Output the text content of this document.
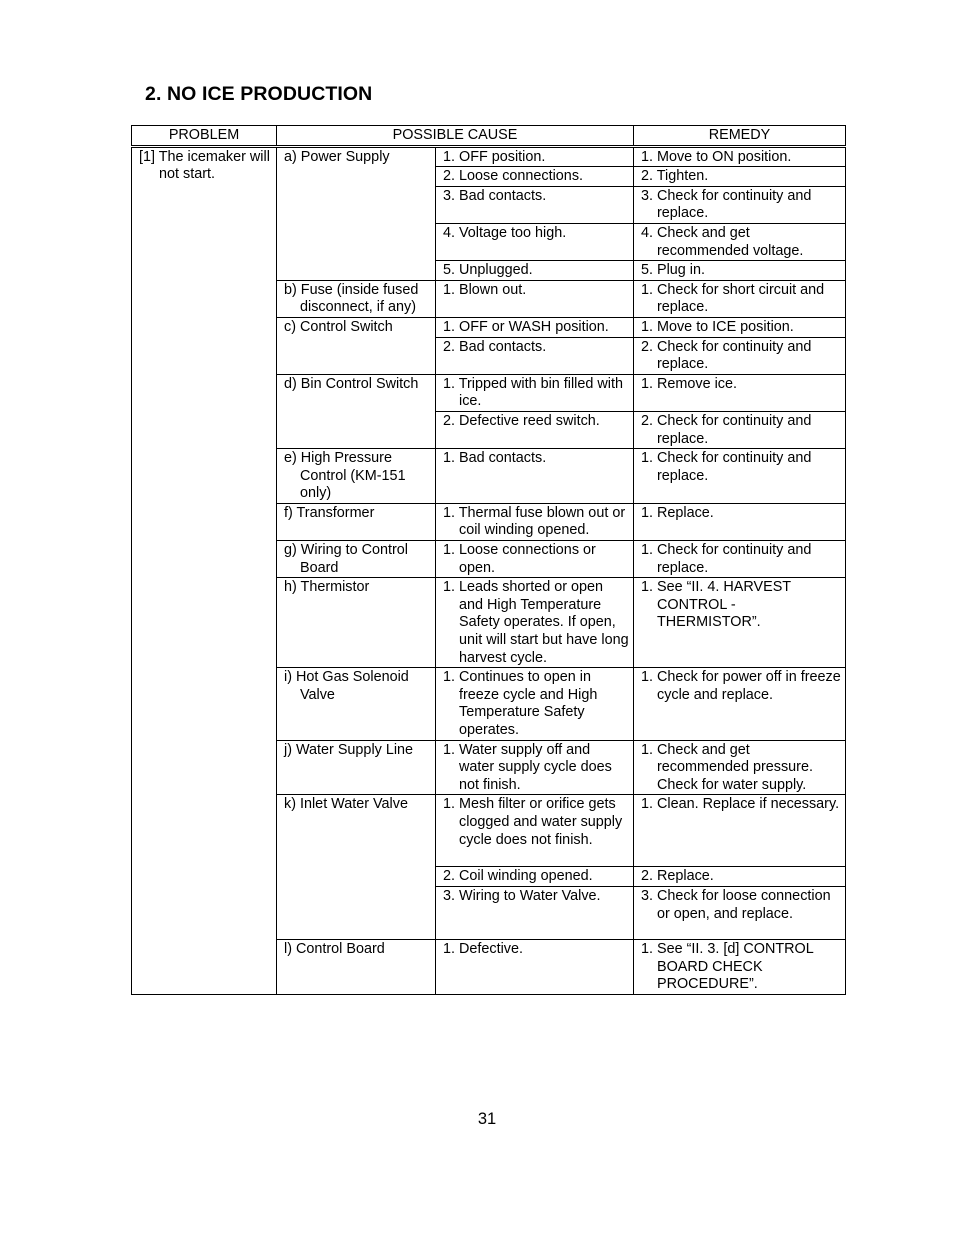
2. NO ICE PRODUCTION
PROBLEM	POSSIBLE CAUSE		REMEDY

[1] The icemaker will not start.	a) Power Supply	1. OFF position.	1. Move to ON position.

		2. Loose connections.	2. Tighten.

		3. Bad contacts.	3. Check for continuity and replace.

		4. Voltage too high.	4. Check and get recommended voltage.

		5. Unplugged.	5. Plug in.

	b) Fuse (inside fused disconnect, if any)	1. Blown out.	1. Check for short circuit and replace.

	c) Control Switch	1. OFF or WASH position.	1. Move to ICE position.

		2. Bad contacts.	2. Check for continuity and replace.

	d) Bin Control Switch	1. Tripped with bin filled with ice.	1. Remove ice.

		2. Defective reed switch.	2. Check for continuity and replace.

	e) High Pressure Control (KM-151 only)	1. Bad contacts.	1. Check for continuity and replace.

	f) Transformer	1. Thermal fuse blown out or coil winding opened.	1. Replace.

	g) Wiring to Control Board	1. Loose connections or open.	1. Check for continuity and replace.

	h) Thermistor	1. Leads shorted or open and High Temperature Safety operates. If open, unit will start but have long harvest cycle.	1. See “II. 4. HARVEST CONTROL - THERMISTOR”.

	i) Hot Gas Solenoid Valve	1. Continues to open in freeze cycle and High Temperature Safety operates.	1. Check for power off in freeze cycle and replace.

	j) Water Supply Line	1. Water supply off and water supply cycle does not finish.	1. Check and get recommended pressure. Check for water supply.

	k) Inlet Water Valve	1. Mesh filter or orifice gets clogged and water supply cycle does not finish.	1. Clean. Replace if necessary.

		2. Coil winding opened.	2. Replace.

		3. Wiring to Water Valve.	3. Check for loose connection or open, and replace.

	l) Control Board	1. Defective.	1. See “II. 3. [d] CONTROL BOARD CHECK PROCEDURE”.
31
